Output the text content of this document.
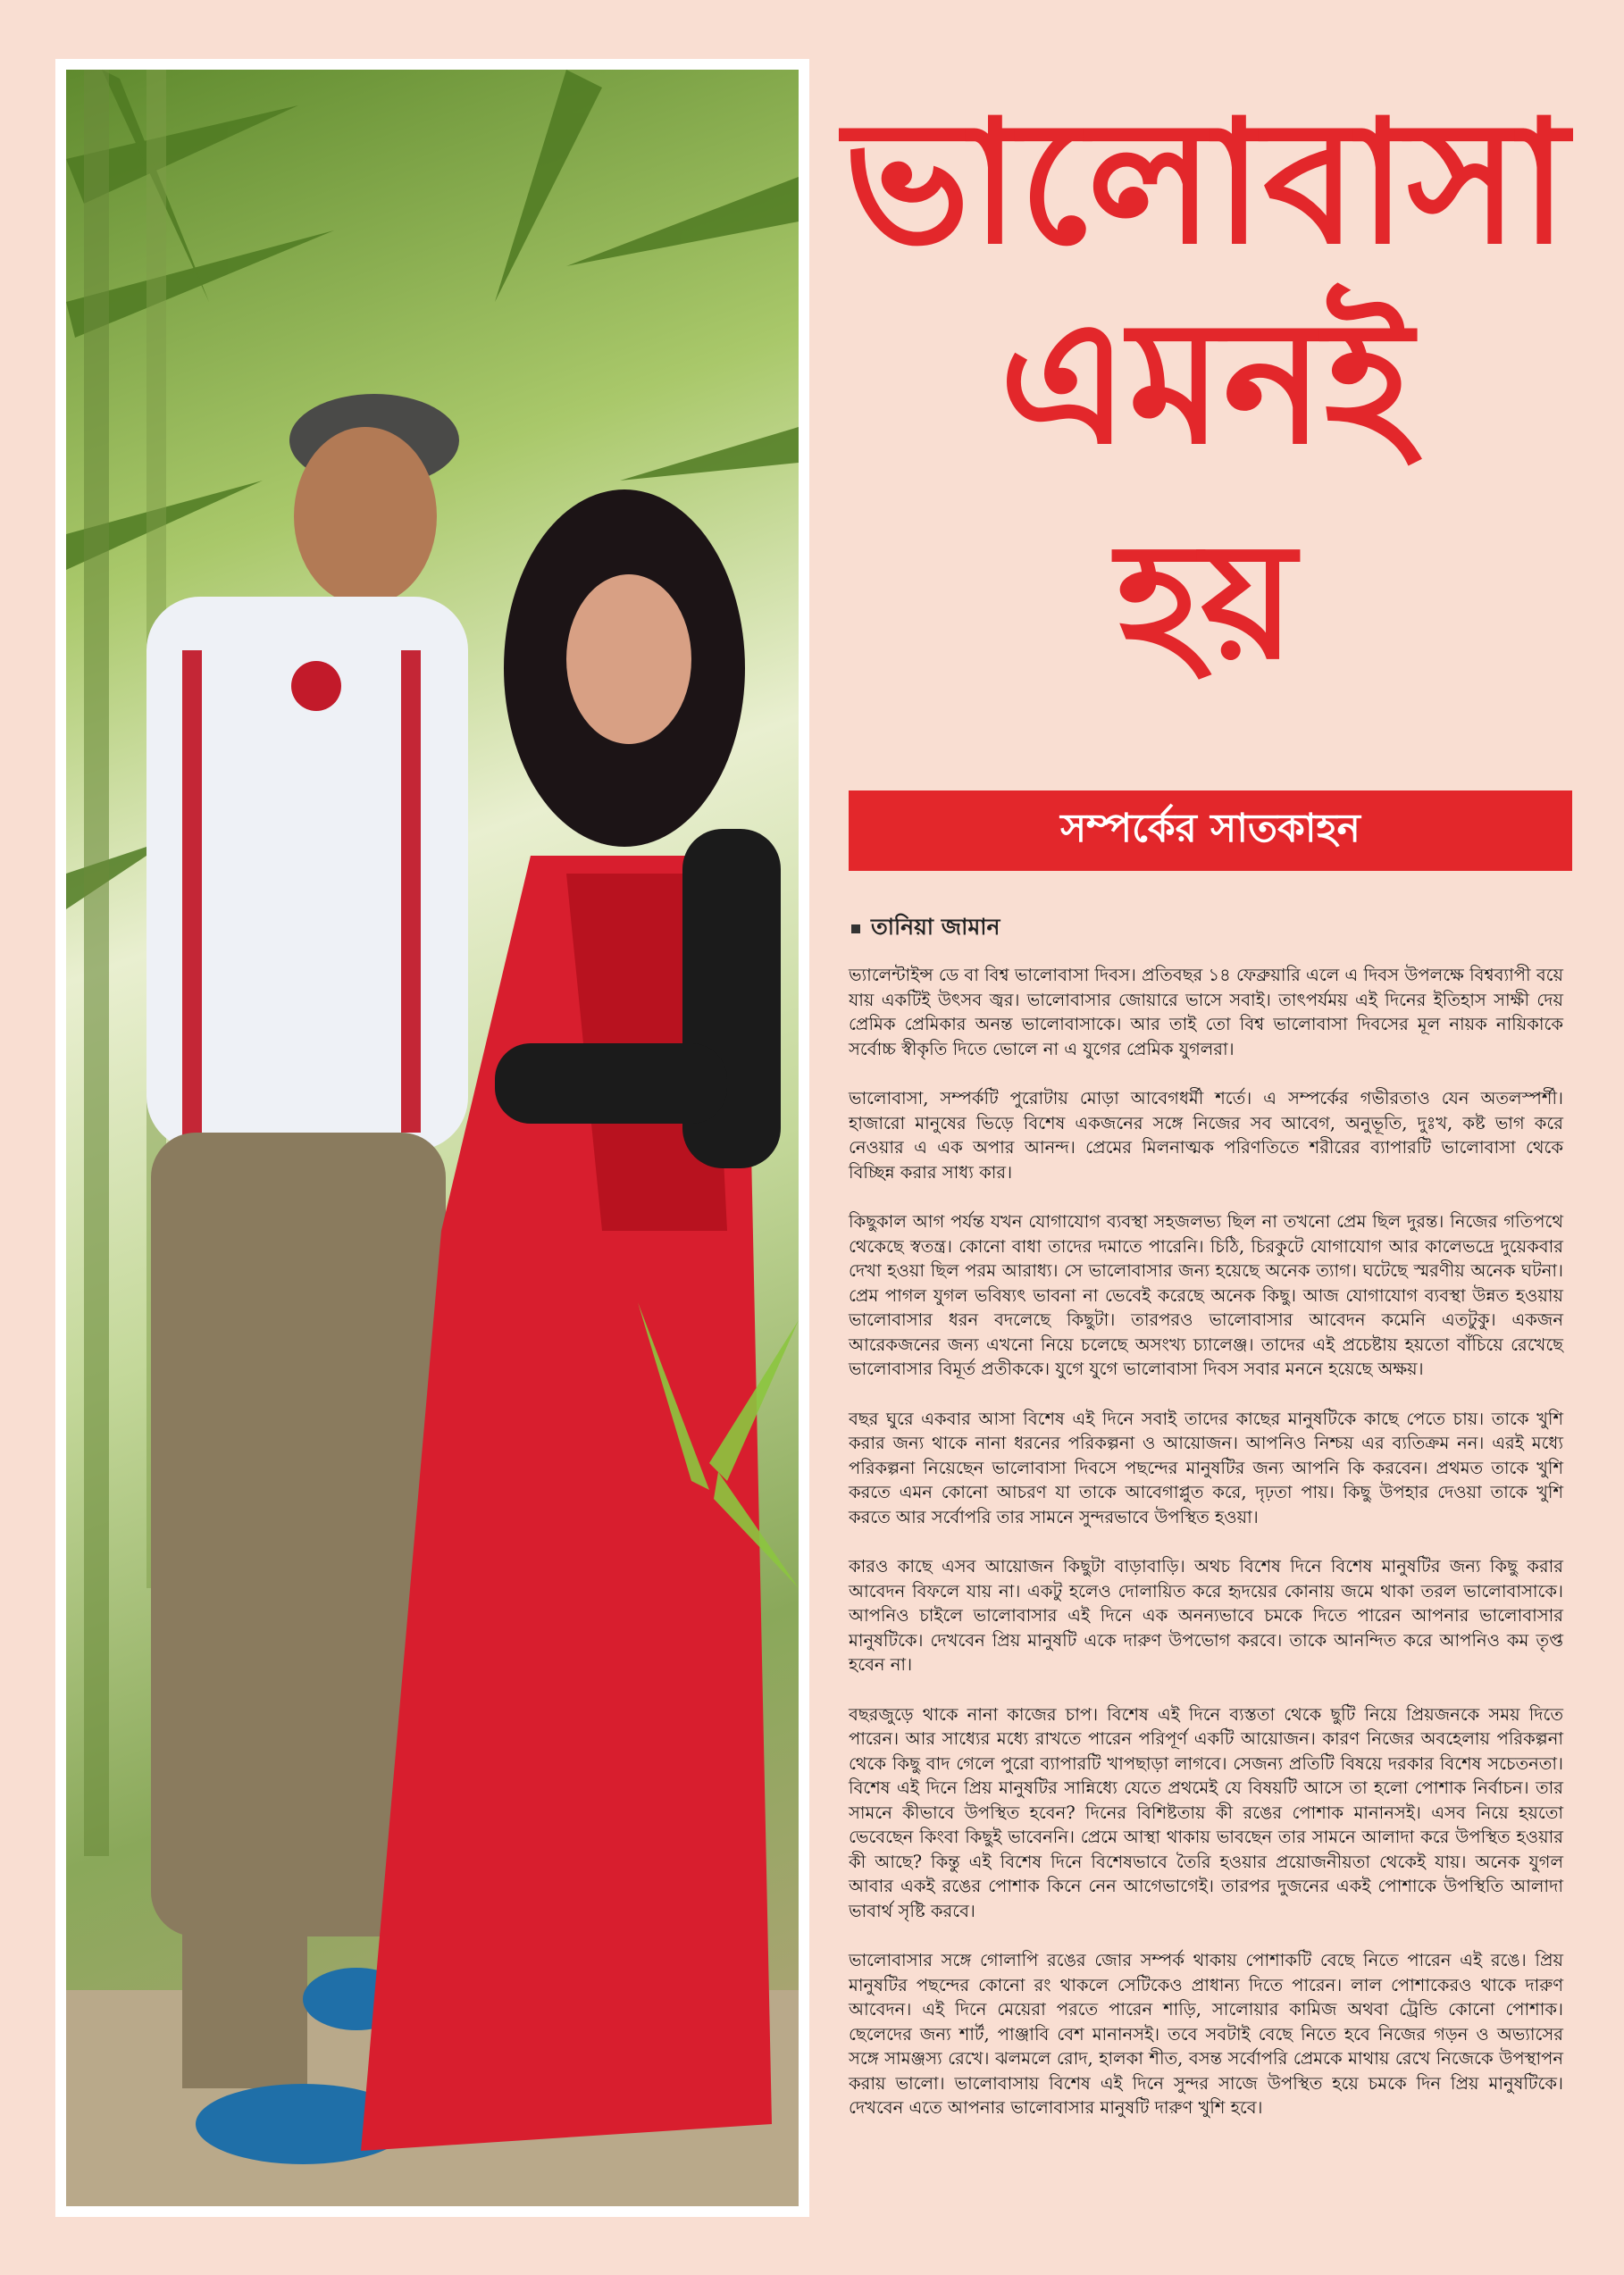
ভালোবাসা
এমনই
হয়
সম্পর্কের সাতকাহন
তানিয়া জামান

ভ্যালেন্টাইন্স ডে বা বিশ্ব ভালোবাসা দিবস। প্রতিবছর ১৪ ফেব্রুয়ারি এলে এ দিবস উপলক্ষে বিশ্বব্যাপী বয়ে যায় একটিই উৎসব জ্বর। ভালোবাসার জোয়ারে ভাসে সবাই। তাৎপর্যময় এই দিনের ইতিহাস সাক্ষী দেয় প্রেমিক প্রেমিকার অনন্ত ভালোবাসাকে। আর তাই তো বিশ্ব ভালোবাসা দিবসের মূল নায়ক নায়িকাকে সর্বোচ্চ স্বীকৃতি দিতে ভোলে না এ যুগের প্রেমিক যুগলরা।

ভালোবাসা, সম্পর্কটি পুরোটায় মোড়া আবেগধর্মী শর্তে। এ সম্পর্কের গভীরতাও যেন অতলস্পর্শী। হাজারো মানুষের ভিড়ে বিশেষ একজনের সঙ্গে নিজের সব আবেগ, অনুভূতি, দুঃখ, কষ্ট ভাগ করে নেওয়ার এ এক অপার আনন্দ। প্রেমের মিলনাত্মক পরিণতিতে শরীরের ব্যাপারটি ভালোবাসা থেকে বিচ্ছিন্ন করার সাধ্য কার।

কিছুকাল আগ পর্যন্ত যখন যোগাযোগ ব্যবস্থা সহজলভ্য ছিল না তখনো প্রেম ছিল দুরন্ত। নিজের গতিপথে থেকেছে স্বতন্ত্র। কোনো বাধা তাদের দমাতে পারেনি। চিঠি, চিরকুটে যোগাযোগ আর কালেভদ্রে দুয়েকবার দেখা হওয়া ছিল পরম আরাধ্য। সে ভালোবাসার জন্য হয়েছে অনেক ত্যাগ। ঘটেছে স্মরণীয় অনেক ঘটনা। প্রেম পাগল যুগল ভবিষ্যৎ ভাবনা না ভেবেই করেছে অনেক কিছু। আজ যোগাযোগ ব্যবস্থা উন্নত হওয়ায় ভালোবাসার ধরন বদলেছে কিছুটা। তারপরও ভালোবাসার আবেদন কমেনি এতটুকু। একজন আরেকজনের জন্য এখনো নিয়ে চলেছে অসংখ্য চ্যালেঞ্জ। তাদের এই প্রচেষ্টায় হয়তো বাঁচিয়ে রেখেছে ভালোবাসার বিমূর্ত প্রতীককে। যুগে যুগে ভালোবাসা দিবস সবার মননে হয়েছে অক্ষয়।

বছর ঘুরে একবার আসা বিশেষ এই দিনে সবাই তাদের কাছের মানুষটিকে কাছে পেতে চায়। তাকে খুশি করার জন্য থাকে নানা ধরনের পরিকল্পনা ও আয়োজন। আপনিও নিশ্চয় এর ব্যতিক্রম নন। এরই মধ্যে পরিকল্পনা নিয়েছেন ভালোবাসা দিবসে পছন্দের মানুষটির জন্য আপনি কি করবেন। প্রথমত তাকে খুশি করতে এমন কোনো আচরণ যা তাকে আবেগাপ্লুত করে, দৃঢ়তা পায়। কিছু উপহার দেওয়া তাকে খুশি করতে আর সর্বোপরি তার সামনে সুন্দরভাবে উপস্থিত হওয়া।

কারও কাছে এসব আয়োজন কিছুটা বাড়াবাড়ি। অথচ বিশেষ দিনে বিশেষ মানুষটির জন্য কিছু করার আবেদন বিফলে যায় না। একটু হলেও দোলায়িত করে হৃদয়ের কোনায় জমে থাকা তরল ভালোবাসাকে। আপনিও চাইলে ভালোবাসার এই দিনে এক অনন্যভাবে চমকে দিতে পারেন আপনার ভালোবাসার মানুষটিকে। দেখবেন প্রিয় মানুষটি একে দারুণ উপভোগ করবে। তাকে আনন্দিত করে আপনিও কম তৃপ্ত হবেন না।

বছরজুড়ে থাকে নানা কাজের চাপ। বিশেষ এই দিনে ব্যস্ততা থেকে ছুটি নিয়ে প্রিয়জনকে সময় দিতে পারেন। আর সাধ্যের মধ্যে রাখতে পারেন পরিপূর্ণ একটি আয়োজন। কারণ নিজের অবহেলায় পরিকল্পনা থেকে কিছু বাদ গেলে পুরো ব্যাপারটি খাপছাড়া লাগবে। সেজন্য প্রতিটি বিষয়ে দরকার বিশেষ সচেতনতা। বিশেষ এই দিনে প্রিয় মানুষটির সান্নিধ্যে যেতে প্রথমেই যে বিষয়টি আসে তা হলো পোশাক নির্বাচন। তার সামনে কীভাবে উপস্থিত হবেন? দিনের বিশিষ্টতায় কী রঙের পোশাক মানানসই। এসব নিয়ে হয়তো ভেবেছেন কিংবা কিছুই ভাবেননি। প্রেমে আস্থা থাকায় ভাবছেন তার সামনে আলাদা করে উপস্থিত হওয়ার কী আছে? কিন্তু এই বিশেষ দিনে বিশেষভাবে তৈরি হওয়ার প্রয়োজনীয়তা থেকেই যায়। অনেক যুগল আবার একই রঙের পোশাক কিনে নেন আগেভাগেই। তারপর দুজনের একই পোশাকে উপস্থিতি আলাদা ভাবার্থ সৃষ্টি করবে।

ভালোবাসার সঙ্গে গোলাপি রঙের জোর সম্পর্ক থাকায় পোশাকটি বেছে নিতে পারেন এই রঙে। প্রিয় মানুষটির পছন্দের কোনো রং থাকলে সেটিকেও প্রাধান্য দিতে পারেন। লাল পোশাকেরও থাকে দারুণ আবেদন। এই দিনে মেয়েরা পরতে পারেন শাড়ি, সালোয়ার কামিজ অথবা ট্রেন্ডি কোনো পোশাক। ছেলেদের জন্য শার্ট, পাঞ্জাবি বেশ মানানসই। তবে সবটাই বেছে নিতে হবে নিজের গড়ন ও অভ্যাসের সঙ্গে সামঞ্জস্য রেখে। ঝলমলে রোদ, হালকা শীত, বসন্ত সর্বোপরি প্রেমকে মাথায় রেখে নিজেকে উপস্থাপন করায় ভালো। ভালোবাসায় বিশেষ এই দিনে সুন্দর সাজে উপস্থিত হয়ে চমকে দিন প্রিয় মানুষটিকে। দেখবেন এতে আপনার ভালোবাসার মানুষটি দারুণ খুশি হবে।
